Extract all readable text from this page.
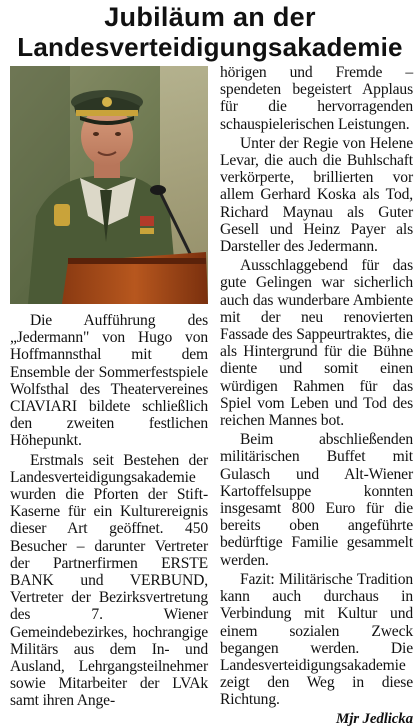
Jubiläum an der
Landesverteidigungsakademie

Die Aufführung des „Jedermann" von Hugo von Hoffmannsthal mit dem Ensemble der Sommerfestspiele Wolfsthal des Theatervereines CIAVIARI bildete schließlich den zweiten festlichen Höhepunkt.

Erstmals seit Bestehen der Landesverteidigungsakademie wurden die Pforten der Stift-Kaserne für ein Kulturereignis dieser Art geöffnet. 450 Besucher – darunter Vertreter der Partnerfirmen ERSTE BANK und VERBUND, Vertreter der Bezirksvertretung des 7. Wiener Gemeindebezirkes, hochrangige Militärs aus dem In- und Ausland, Lehrgangsteilnehmer sowie Mitarbeiter der LVAk samt ihren Ange-

hörigen und Fremde – spendeten begeistert Applaus für die hervorragenden schauspielerischen Leistungen.

Unter der Regie von Helene Levar, die auch die Buhlschaft verkörperte, brillierten vor allem Gerhard Koska als Tod, Richard Maynau als Guter Gesell und Heinz Payer als Darsteller des Jedermann.

Ausschlaggebend für das gute Gelingen war sicherlich auch das wunderbare Ambiente mit der neu renovierten Fassade des Sappeurtraktes, die als Hintergrund für die Bühne diente und somit einen würdigen Rahmen für das Spiel vom Leben und Tod des reichen Mannes bot.

Beim abschließenden militärischen Buffet mit Gulasch und Alt-Wiener Kartoffelsuppe konnten insgesamt 800 Euro für die bereits oben angeführte bedürftige Familie gesammelt werden.

Fazit: Militärische Tradition kann auch durchaus in Verbindung mit Kultur und einem sozialen Zweck begangen werden. Die Landesverteidigungsakademie zeigt den Weg in diese Richtung.

Mjr Jedlicka
